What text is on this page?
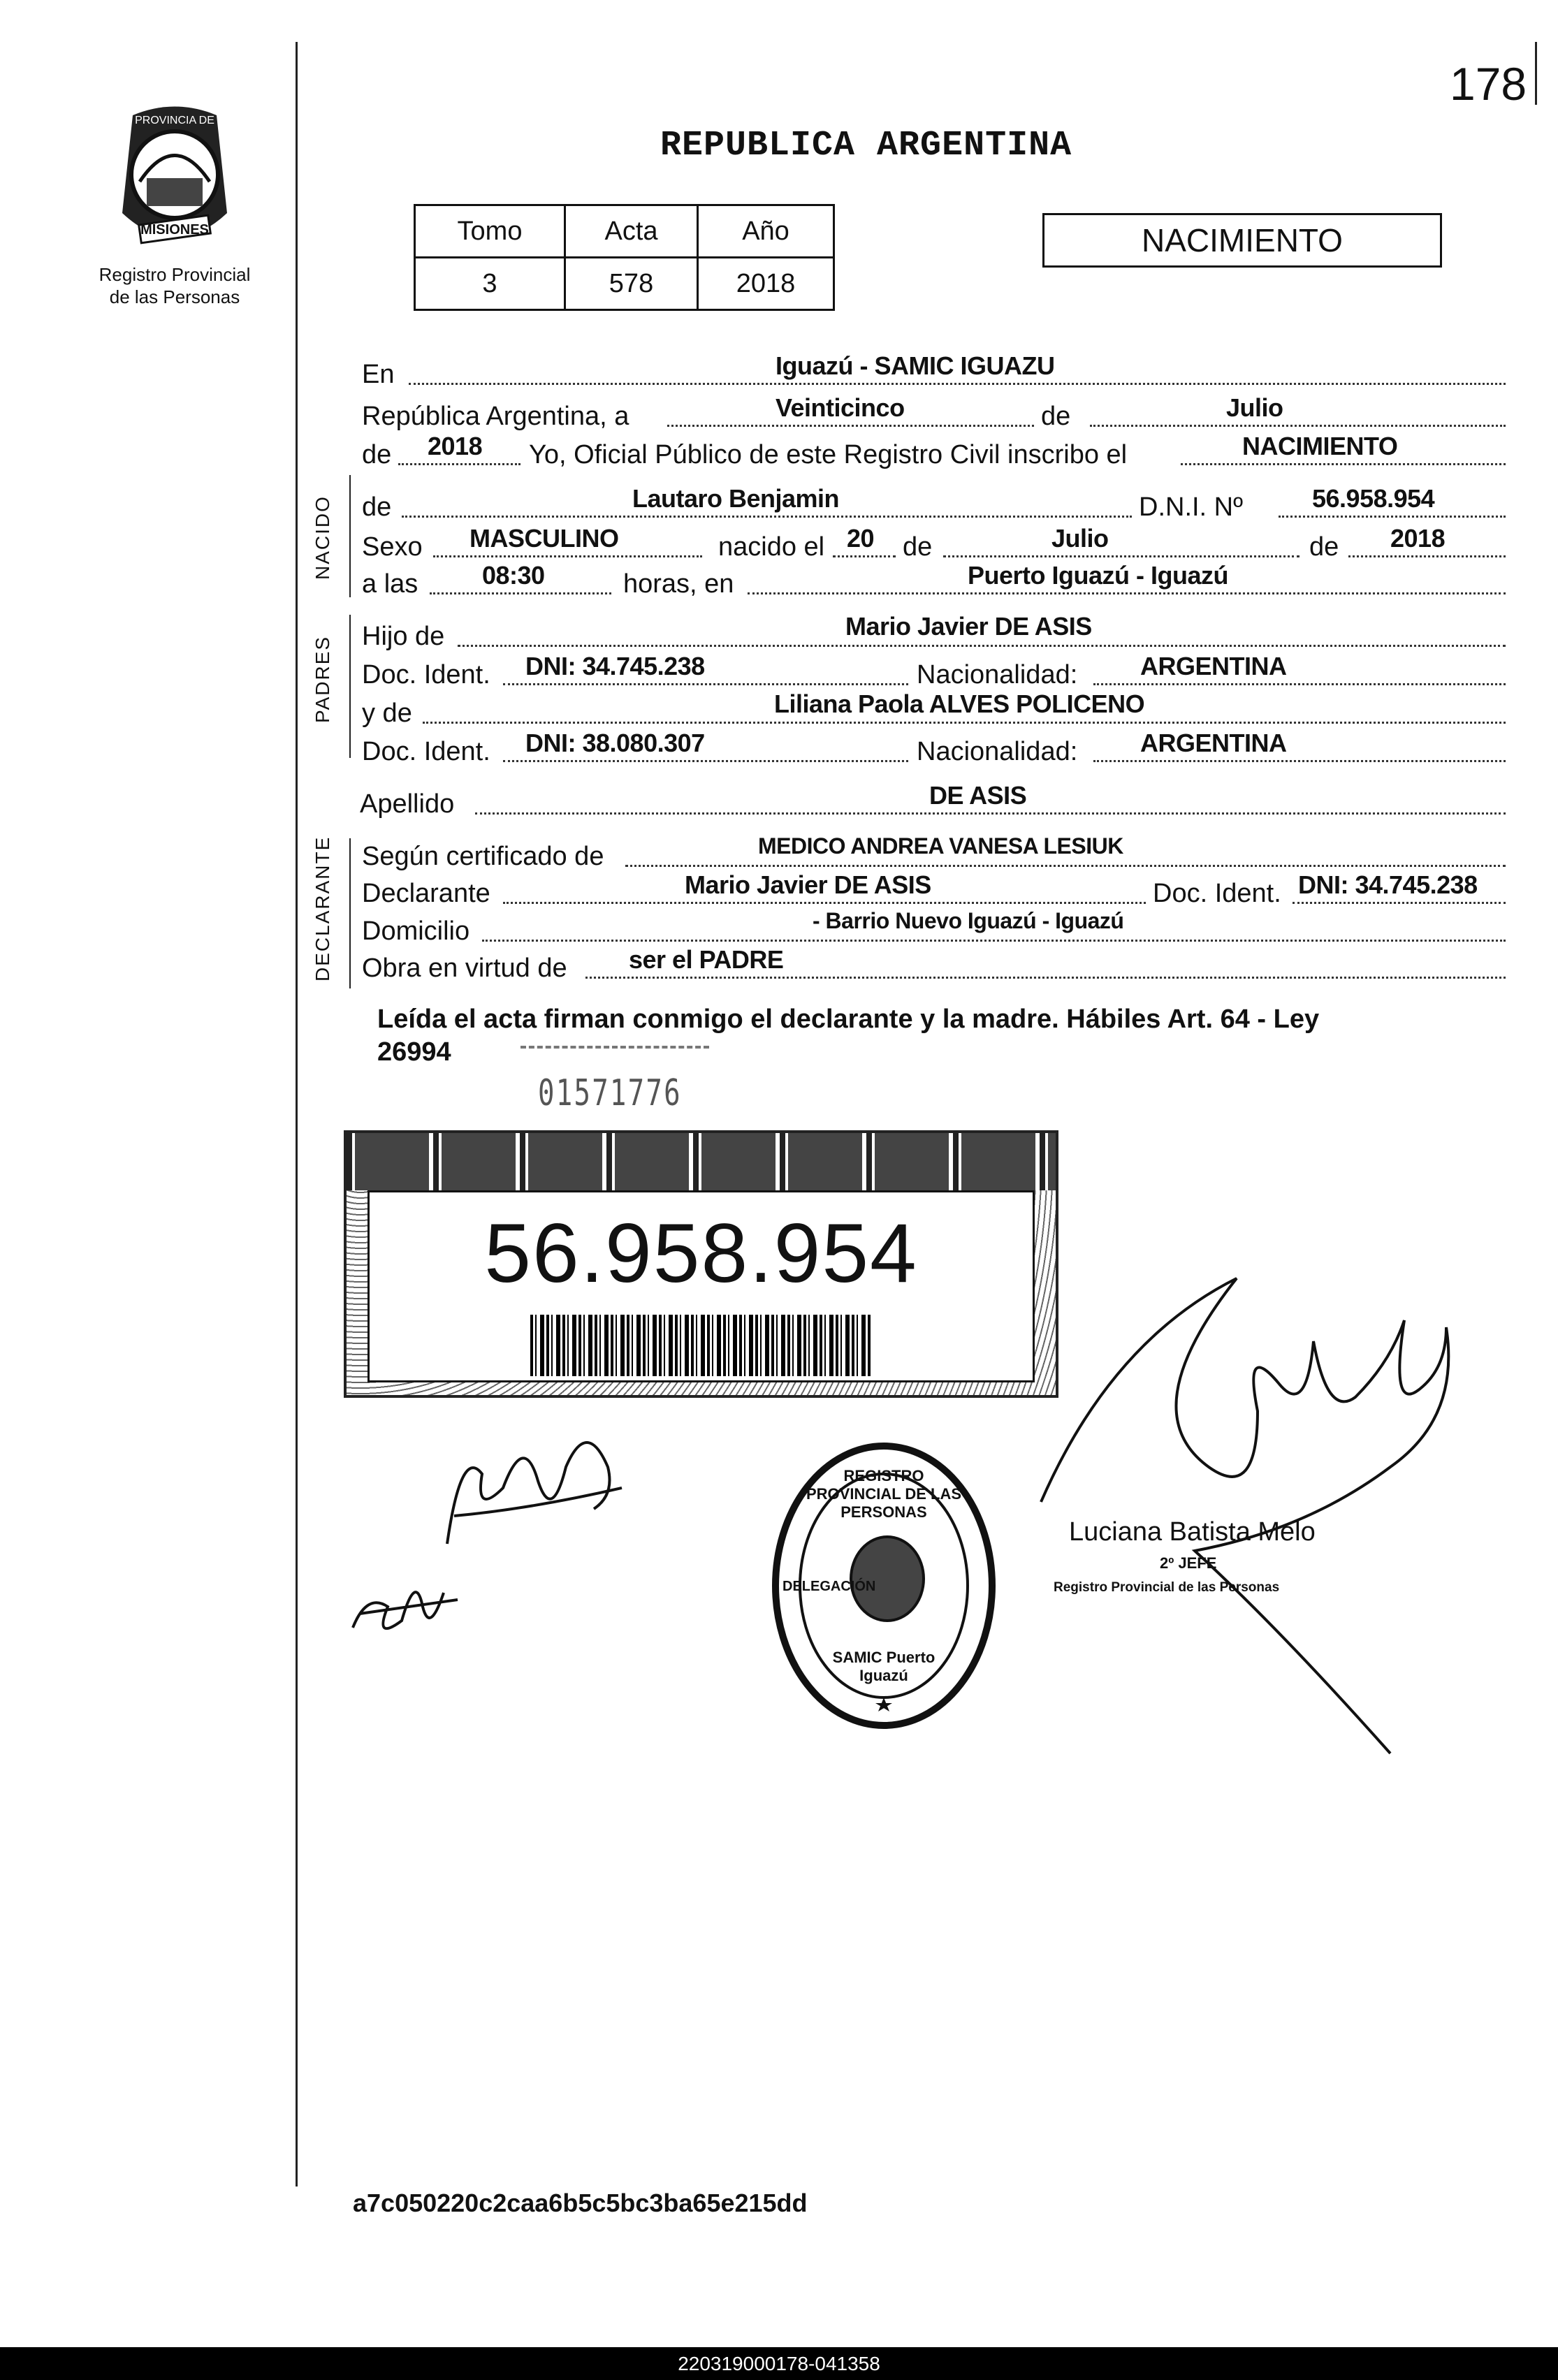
178
PROVINCIA DE
MISIONES
Registro Provincial
de las Personas
REPUBLICA ARGENTINA
Tomo	Acta	Año
3	578	2018
NACIMIENTO
NACIDO
PADRES
DECLARANTE
En	Iguazú - SAMIC IGUAZU
República Argentina, a	Veinticinco	de	Julio
de 2018 Yo, Oficial Público de este Registro Civil inscribo el	NACIMIENTO
de	Lautaro Benjamin	D.N.I. Nº	56.958.954
Sexo MASCULINO	nacido el 20 de	Julio	de 2018
a las	08:30	horas, en	Puerto Iguazú - Iguazú
Hijo de	Mario Javier DE ASIS
Doc. Ident. DNI: 34.745.238	Nacionalidad: ARGENTINA
y de	Liliana Paola ALVES POLICENO
Doc. Ident. DNI: 38.080.307	Nacionalidad: ARGENTINA
Apellido	DE ASIS
Según certificado de	MEDICO ANDREA VANESA LESIUK
Declarante	Mario Javier DE ASIS	Doc. Ident. DNI: 34.745.238
Domicilio	- Barrio Nuevo Iguazú - Iguazú
Obra en virtud de ser el PADRE
Leída el acta firman conmigo el declarante y la madre. Hábiles Art. 64 - Ley
26994
01571776
56.958.954
Luciana Batista Melo
2º JEFE
Registro Provincial de las Personas
REGISTRO PROVINCIAL DE LAS PERSONAS
SAMIC Puerto Iguazú
DELEGACIÓN
a7c050220c2caa6b5c5bc3ba65e215dd
220319000178-041358
